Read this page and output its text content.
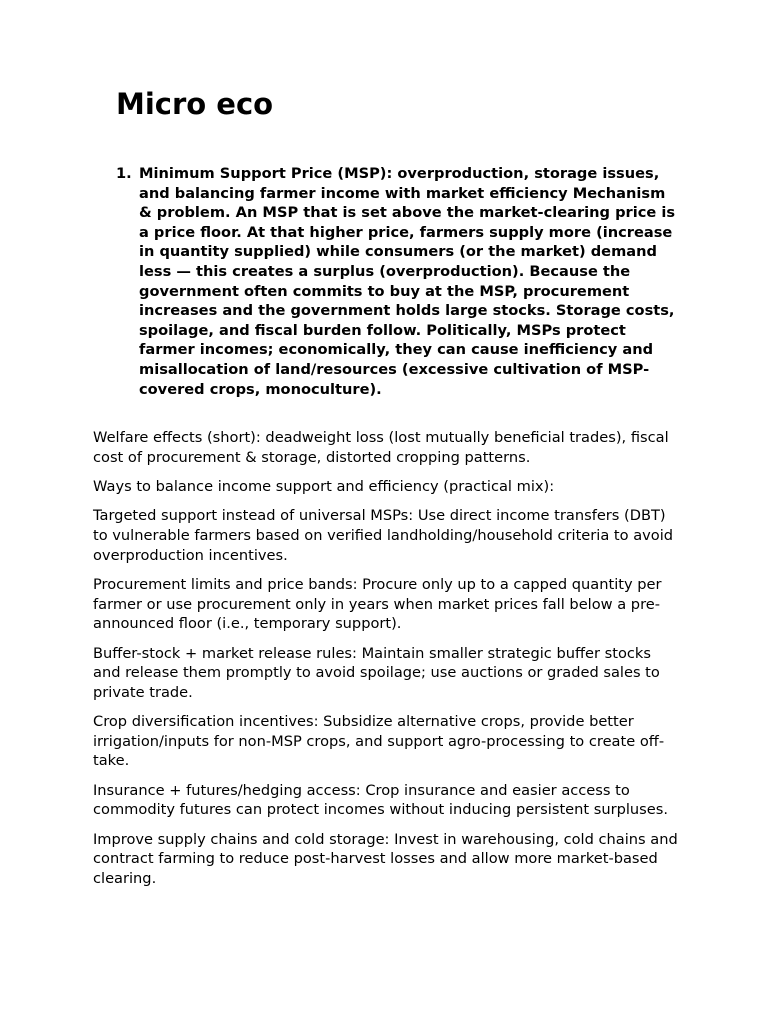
Micro eco
1. Minimum Support Price (MSP): overproduction, storage issues, and balancing farmer income with market efficiency Mechanism & problem. An MSP that is set above the market-clearing price is a price floor. At that higher price, farmers supply more (increase in quantity supplied) while consumers (or the market) demand less — this creates a surplus (overproduction). Because the government often commits to buy at the MSP, procurement increases and the government holds large stocks. Storage costs, spoilage, and fiscal burden follow. Politically, MSPs protect farmer incomes; economically, they can cause inefficiency and misallocation of land/resources (excessive cultivation of MSP-covered crops, monoculture).

Welfare effects (short): deadweight loss (lost mutually beneficial trades), fiscal cost of procurement & storage, distorted cropping patterns.

Ways to balance income support and efficiency (practical mix):

Targeted support instead of universal MSPs: Use direct income transfers (DBT) to vulnerable farmers based on verified landholding/household criteria to avoid overproduction incentives.

Procurement limits and price bands: Procure only up to a capped quantity per farmer or use procurement only in years when market prices fall below a pre-announced floor (i.e., temporary support).

Buffer-stock + market release rules: Maintain smaller strategic buffer stocks and release them promptly to avoid spoilage; use auctions or graded sales to private trade.

Crop diversification incentives: Subsidize alternative crops, provide better irrigation/inputs for non-MSP crops, and support agro-processing to create off-take.

Insurance + futures/hedging access: Crop insurance and easier access to commodity futures can protect incomes without inducing persistent surpluses.

Improve supply chains and cold storage: Invest in warehousing, cold chains and contract farming to reduce post-harvest losses and allow more market-based clearing.
